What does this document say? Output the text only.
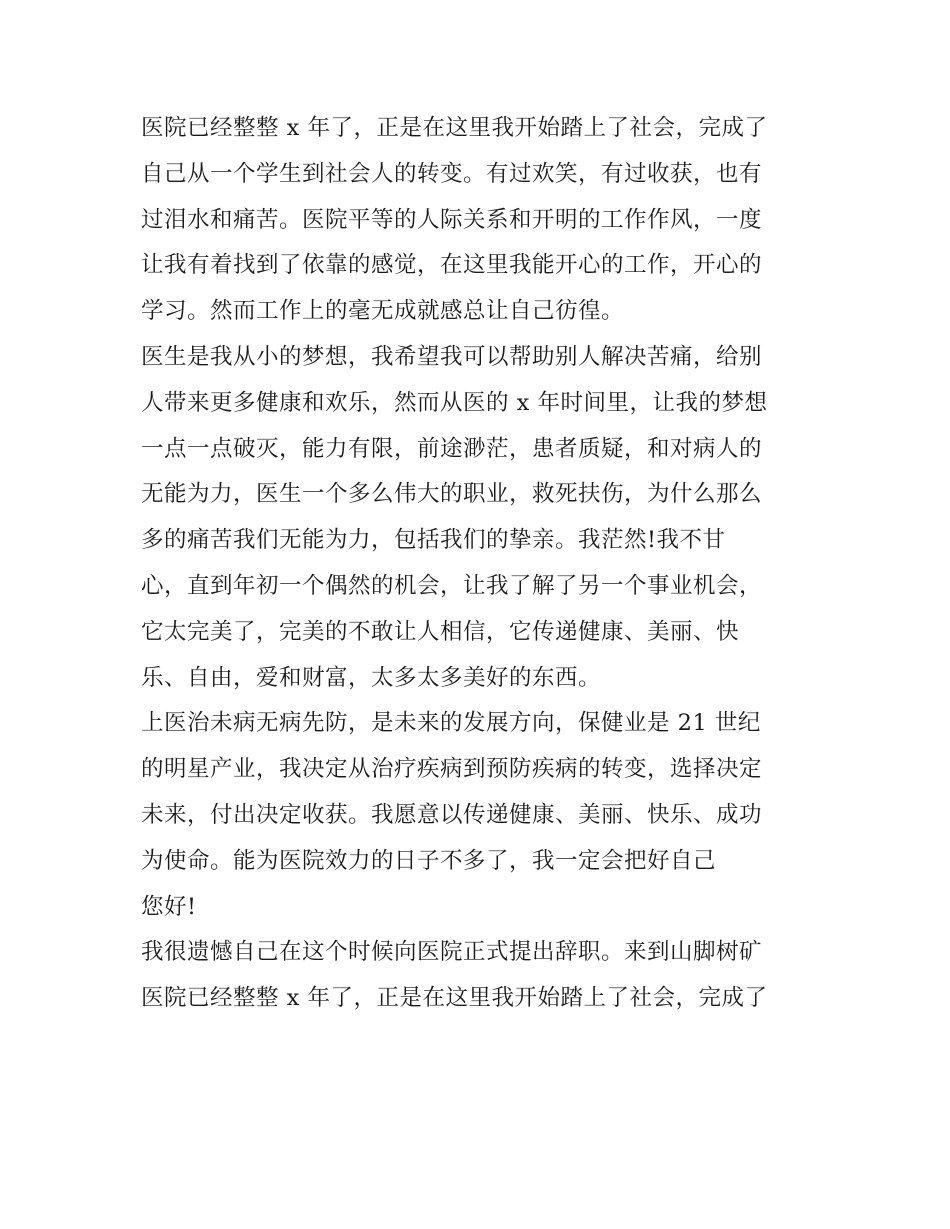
医院已经整整 x 年了，正是在这里我开始踏上了社会，完成了
自己从一个学生到社会人的转变。有过欢笑，有过收获，也有
过泪水和痛苦。医院平等的人际关系和开明的工作作风，一度
让我有着找到了依靠的感觉，在这里我能开心的工作，开心的
学习。然而工作上的毫无成就感总让自己彷徨。
医生是我从小的梦想，我希望我可以帮助别人解决苦痛，给别
人带来更多健康和欢乐，然而从医的 x 年时间里，让我的梦想
一点一点破灭，能力有限，前途渺茫，患者质疑，和对病人的
无能为力，医生一个多么伟大的职业，救死扶伤，为什么那么
多的痛苦我们无能为力，包括我们的挚亲。我茫然!我不甘
心，直到年初一个偶然的机会，让我了解了另一个事业机会，
它太完美了，完美的不敢让人相信，它传递健康、美丽、快
乐、自由，爱和财富，太多太多美好的东西。
上医治未病无病先防，是未来的发展方向，保健业是 21 世纪
的明星产业，我决定从治疗疾病到预防疾病的转变，选择决定
未来，付出决定收获。我愿意以传递健康、美丽、快乐、成功
为使命。能为医院效力的日子不多了，我一定会把好自己
您好!
我很遗憾自己在这个时候向医院正式提出辞职。来到山脚树矿
医院已经整整 x 年了，正是在这里我开始踏上了社会，完成了
